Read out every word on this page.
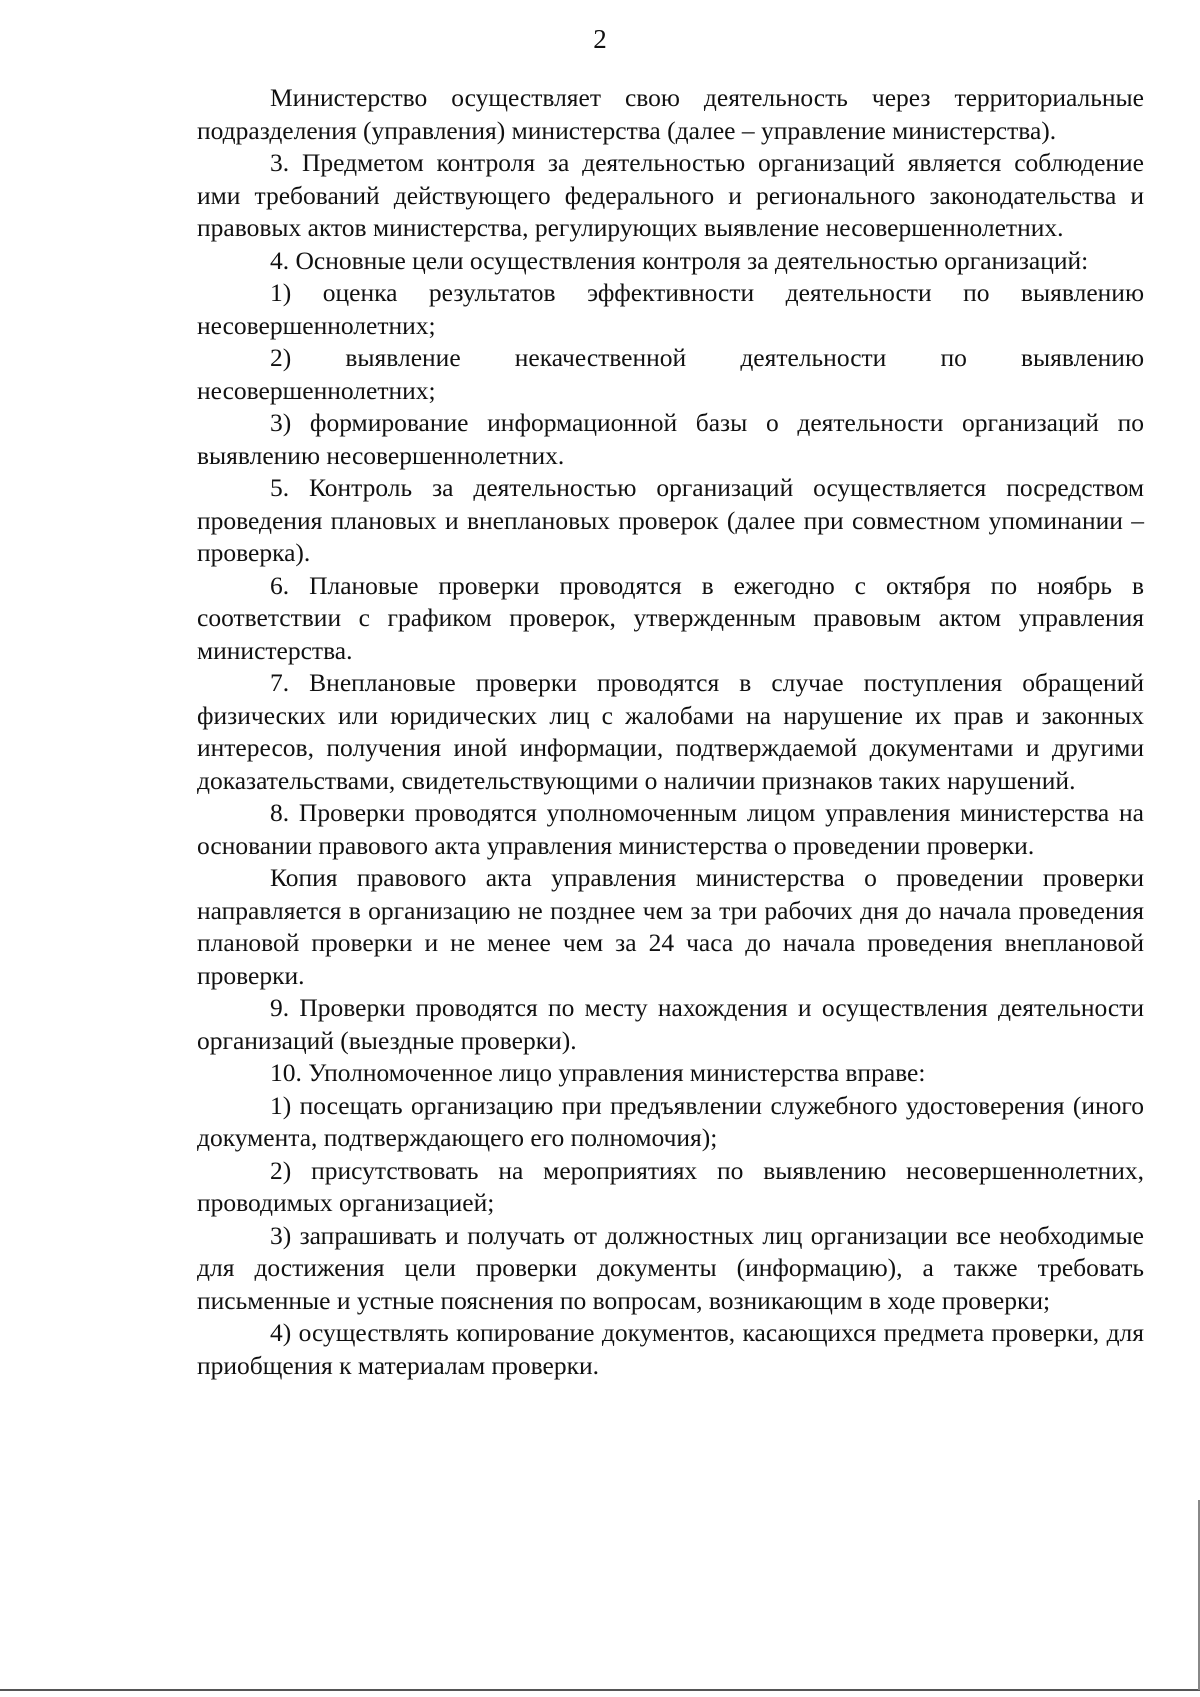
2

Министерство осуществляет свою деятельность через территориальные подразделения (управления) министерства (далее – управление министерства).

3. Предметом контроля за деятельностью организаций является соблюдение ими требований действующего федерального и регионального законодательства и правовых актов министерства, регулирующих выявление несовершеннолетних.

4. Основные цели осуществления контроля за деятельностью организаций:

1) оценка результатов эффективности деятельности по выявлению несовершеннолетних;

2) выявление некачественной деятельности по выявлению несовершеннолетних;

3) формирование информационной базы о деятельности организаций по выявлению несовершеннолетних.

5. Контроль за деятельностью организаций осуществляется посредством проведения плановых и внеплановых проверок (далее при совместном упоминании – проверка).

6. Плановые проверки проводятся в ежегодно с октября по ноябрь в соответствии с графиком проверок, утвержденным правовым актом управления министерства.

7. Внеплановые проверки проводятся в случае поступления обращений физических или юридических лиц с жалобами на нарушение их прав и законных интересов, получения иной информации, подтверждаемой документами и другими доказательствами, свидетельствующими о наличии признаков таких нарушений.

8. Проверки проводятся уполномоченным лицом управления министерства на основании правового акта управления министерства о проведении проверки.

Копия правового акта управления министерства о проведении проверки направляется в организацию не позднее чем за три рабочих дня до начала проведения плановой проверки и не менее чем за 24 часа до начала проведения внеплановой проверки.

9. Проверки проводятся по месту нахождения и осуществления деятельности организаций (выездные проверки).

10. Уполномоченное лицо управления министерства вправе:

1) посещать организацию при предъявлении служебного удостоверения (иного документа, подтверждающего его полномочия);

2) присутствовать на мероприятиях по выявлению несовершеннолетних, проводимых организацией;

3) запрашивать и получать от должностных лиц организации все необходимые для достижения цели проверки документы (информацию), а также требовать письменные и устные пояснения по вопросам, возникающим в ходе проверки;

4) осуществлять копирование документов, касающихся предмета проверки, для приобщения к материалам проверки.
